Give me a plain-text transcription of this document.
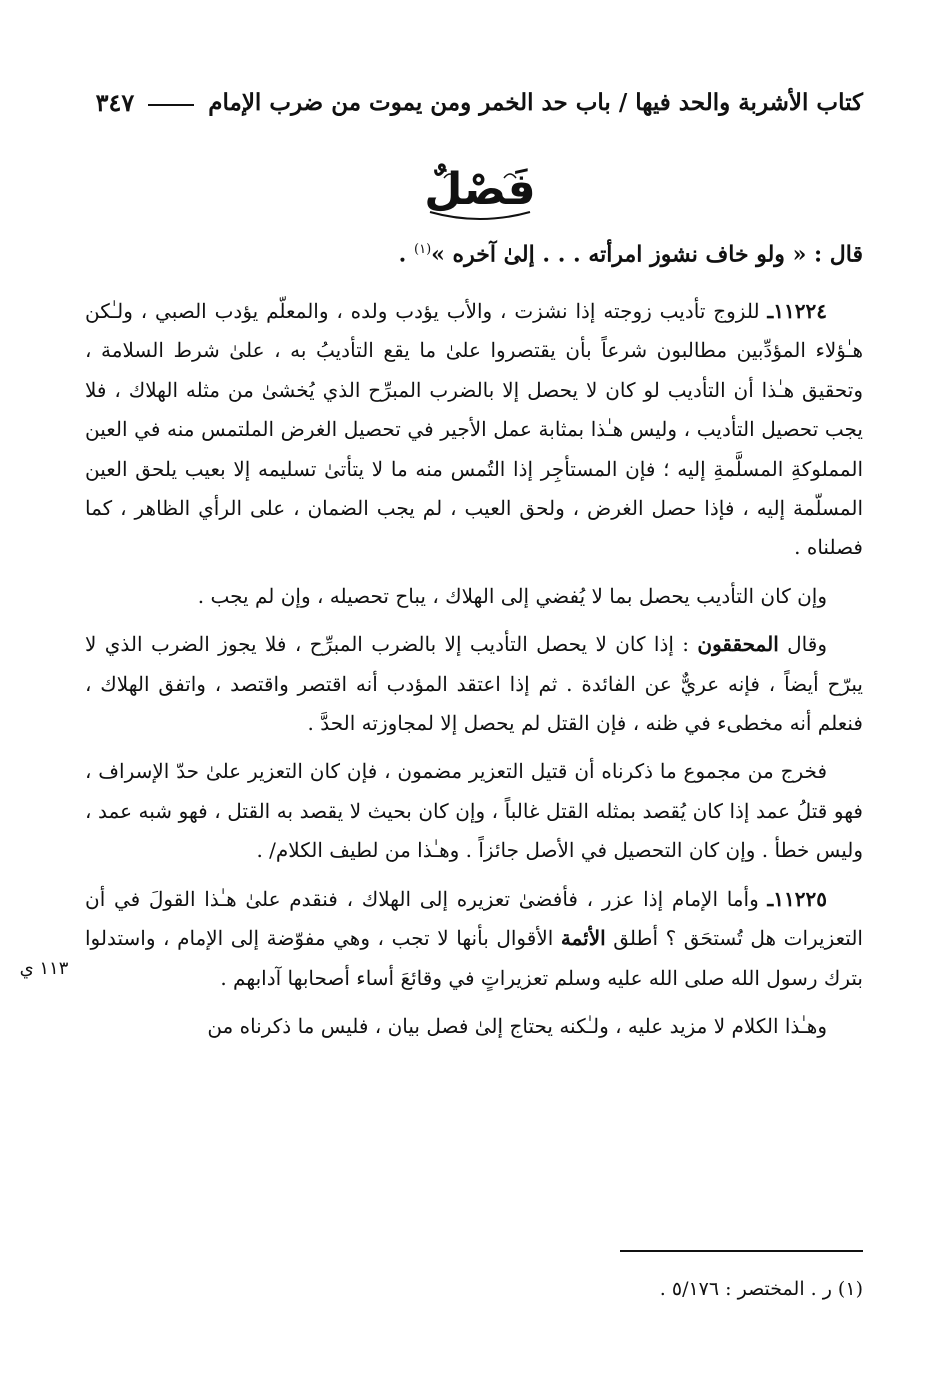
كتاب الأشربة والحد فيها / باب حد الخمر ومن يموت من ضرب الإمام
٣٤٧
فَصْلٌ
قال : « ولو خاف نشوز امرأته . . . إلىٰ آخره »$^{(١)}$ .

١١٢٢٤ـ للزوج تأديب زوجته إذا نشزت ، والأب يؤدب ولده ، والمعلّم يؤدب الصبي ، ولـٰكن هـٰؤلاء المؤدِّبين مطالبون شرعاً بأن يقتصروا علىٰ ما يقع التأديبُ به ، علىٰ شرط السلامة ، وتحقيق هـٰذا أن التأديب لو كان لا يحصل إلا بالضرب المبرِّح الذي يُخشىٰ من مثله الهلاك ، فلا يجب تحصيل التأديب ، وليس هـٰذا بمثابة عمل الأجير في تحصيل الغرض الملتمس منه في العين المملوكةِ المسلَّمةِ إليه ؛ فإن المستأجِر إذا التُمس منه ما لا يتأتىٰ تسليمه إلا بعيب يلحق العين المسلّمة إليه ، فإذا حصل الغرض ، ولحق العيب ، لم يجب الضمان ، على الرأي الظاهر ، كما فصلناه .

وإن كان التأديب يحصل بما لا يُفضي إلى الهلاك ، يباح تحصيله ، وإن لم يجب .

وقال المحققون : إذا كان لا يحصل التأديب إلا بالضرب المبرِّح ، فلا يجوز الضرب الذي لا يبرّح أيضاً ، فإنه عريٌّ عن الفائدة . ثم إذا اعتقد المؤدب أنه اقتصر واقتصد ، واتفق الهلاك ، فنعلم أنه مخطىء في ظنه ، فإن القتل لم يحصل إلا لمجاوزته الحدَّ .

فخرج من مجموع ما ذكرناه أن قتيل التعزير مضمون ، فإن كان التعزير علىٰ حدّ الإسراف ، فهو قتلُ عمد إذا كان يُقصد بمثله القتل غالباً ، وإن كان بحيث لا يقصد به القتل ، فهو شبه عمد ، وليس خطأ . وإن كان التحصيل في الأصل جائزاً . وهـٰذا من لطيف الكلام/ .

١١٢٢٥ـ وأما الإمام إذا عزر ، فأفضىٰ تعزيره إلى الهلاك ، فنقدم علىٰ هـٰذا القولَ في أن التعزيرات هل تُستحَق ؟ أطلق الأئمة الأقوال بأنها لا تجب ، وهي مفوّضة إلى الإمام ، واستدلوا بترك رسول الله صلى الله عليه وسلم تعزيراتٍ في وقائعَ أساء أصحابها آدابهم .

وهـٰذا الكلام لا مزيد عليه ، ولـٰكنه يحتاج إلىٰ فصل بيان ، فليس ما ذكرناه من

١١٣ ي
(١) ر . المختصر : ٥/١٧٦ .
